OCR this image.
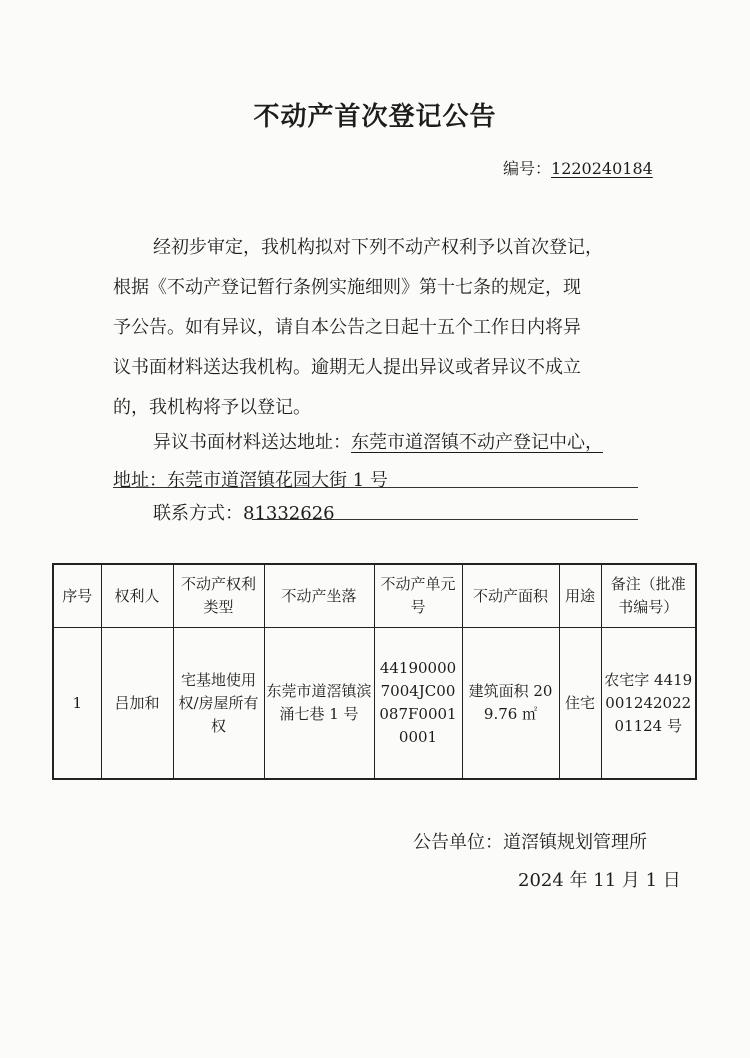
不动产首次登记公告
编号：1220240184
经初步审定，我机构拟对下列不动产权利予以首次登记，
根据《不动产登记暂行条例实施细则》第十七条的规定，现
予公告。如有异议，请自本公告之日起十五个工作日内将异
议书面材料送达我机构。逾期无人提出异议或者异议不成立
的，我机构将予以登记。
异议书面材料送达地址：东莞市道滘镇不动产登记中心，
地址：东莞市道滘镇花园大街 1 号
联系方式：81332626
序号	权利人	不动产权利类型	不动产坐落	不动产单元号	不动产面积	用途	备注（批准书编号）
1	吕加和	宅基地使用权/房屋所有权	东莞市道滘镇滨涌七巷 1 号	441900007004JC00087F00010001	建筑面积 209.76 ㎡	住宅	农宅字 441900124202201124 号
公告单位：道滘镇规划管理所
2024 年 11 月 1 日
